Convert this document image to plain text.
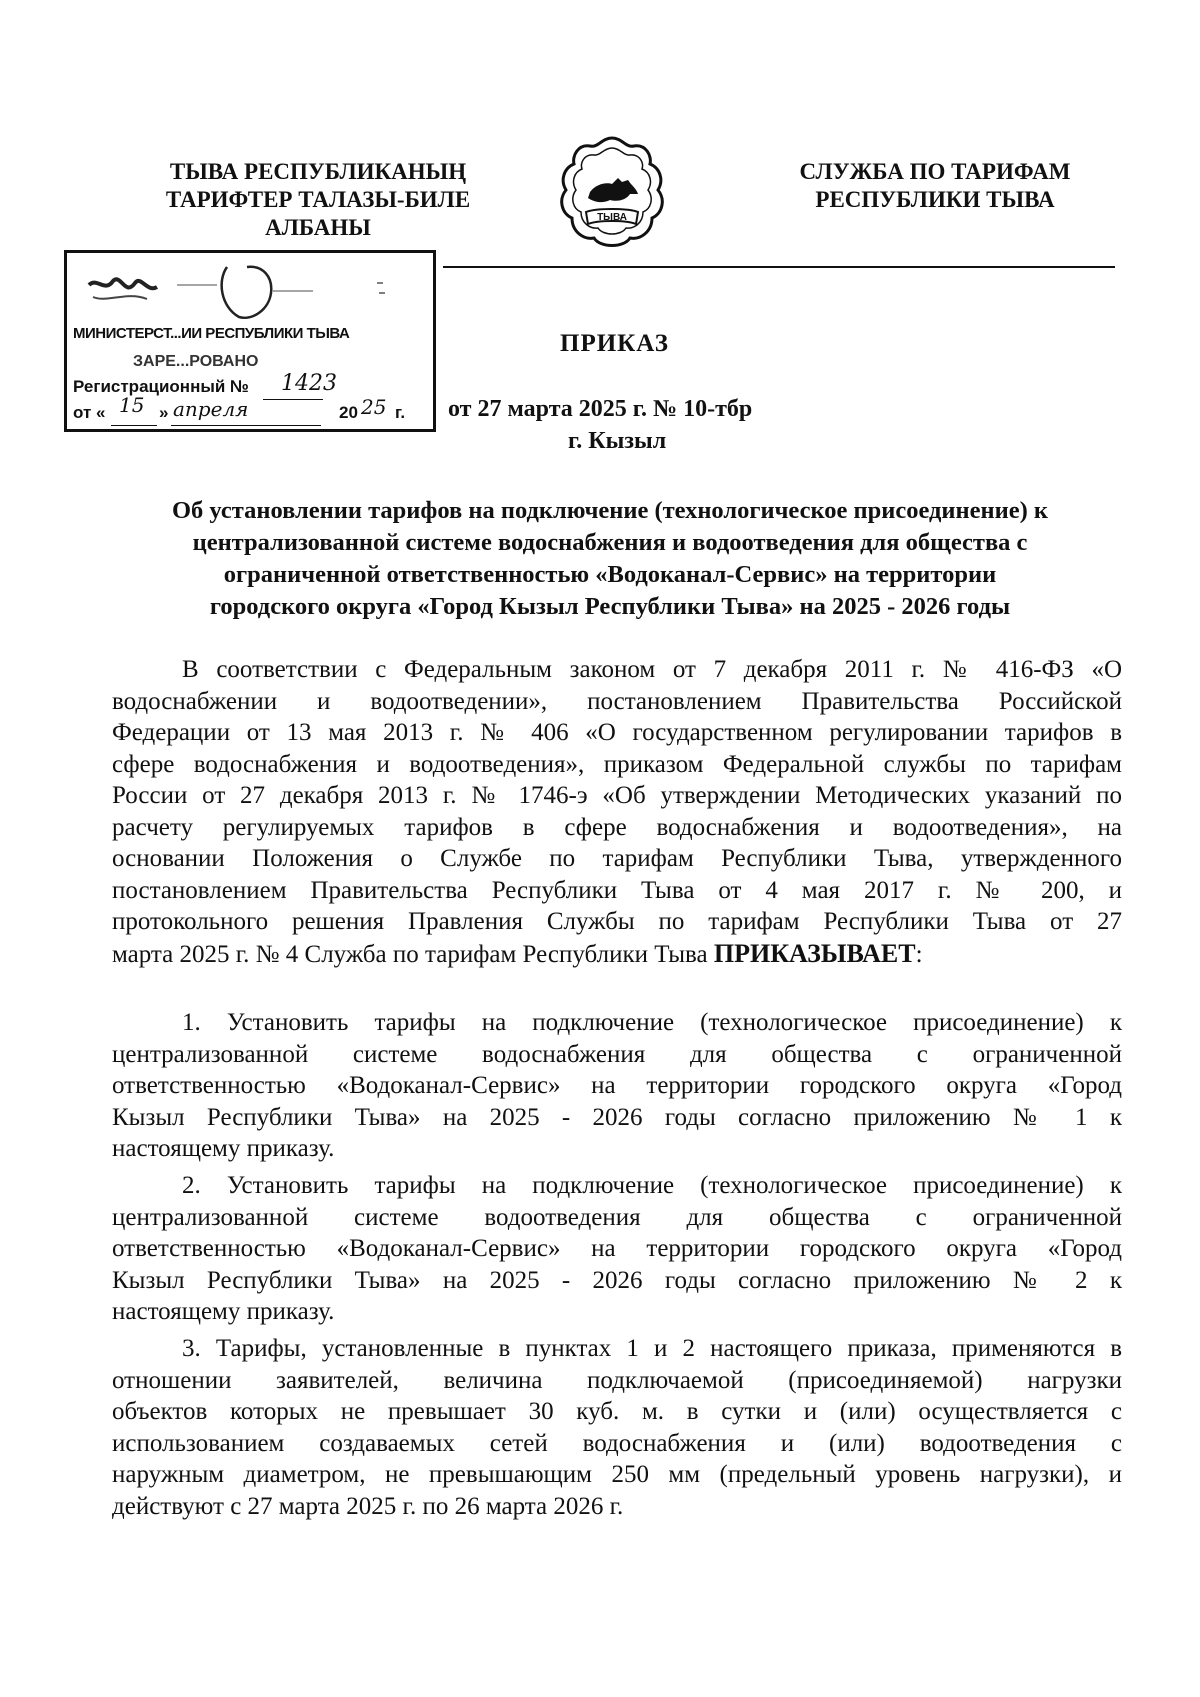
ТЫВА РЕСПУБЛИКАНЫҢ
ТАРИФТЕР ТАЛАЗЫ-БИЛЕ
АЛБАНЫ	ТЫВА
СЛУЖБА ПО ТАРИФАМ
РЕСПУБЛИКИ ТЫВА
МИНИСТЕРСТ...ИИ РЕСПУБЛИКИ ТЫВА
ЗАРЕ...РОВАНО
Регистрационный № 1423
от « 15 » апреля	20 25 г.
ПРИКАЗ
от 27 марта 2025 г. № 10-тбр
г. Кызыл
Об установлении тарифов на подключение (технологическое присоединение) к
централизованной системе водоснабжения и водоотведения для общества с
ограниченной ответственностью «Водоканал-Сервис» на территории
городского округа «Город Кызыл Республики Тыва» на 2025 - 2026 годы
В соответствии с Федеральным законом от 7 декабря 2011 г. № 416-ФЗ «О
водоснабжении и водоотведении», постановлением Правительства Российской
Федерации от 13 мая 2013 г. № 406 «О государственном регулировании тарифов в
сфере водоснабжения и водоотведения», приказом Федеральной службы по тарифам
России от 27 декабря 2013 г. № 1746-э «Об утверждении Методических указаний по
расчету регулируемых тарифов в сфере водоснабжения и водоотведения», на
основании Положения о Службе по тарифам Республики Тыва, утвержденного
постановлением Правительства Республики Тыва от 4 мая 2017 г. № 200, и
протокольного решения Правления Службы по тарифам Республики Тыва от 27
марта 2025 г. № 4 Служба по тарифам Республики Тыва ПРИКАЗЫВАЕТ:
1. Установить тарифы на подключение (технологическое присоединение) к
централизованной системе водоснабжения для общества с ограниченной
ответственностью «Водоканал-Сервис» на территории городского округа «Город
Кызыл Республики Тыва» на 2025 - 2026 годы согласно приложению № 1 к
настоящему приказу.
2. Установить тарифы на подключение (технологическое присоединение) к
централизованной системе водоотведения для общества с ограниченной
ответственностью «Водоканал-Сервис» на территории городского округа «Город
Кызыл Республики Тыва» на 2025 - 2026 годы согласно приложению № 2 к
настоящему приказу.
3. Тарифы, установленные в пунктах 1 и 2 настоящего приказа, применяются в
отношении заявителей, величина подключаемой (присоединяемой) нагрузки
объектов которых не превышает 30 куб. м. в сутки и (или) осуществляется с
использованием создаваемых сетей водоснабжения и (или) водоотведения с
наружным диаметром, не превышающим 250 мм (предельный уровень нагрузки), и
действуют с 27 марта 2025 г. по 26 марта 2026 г.
